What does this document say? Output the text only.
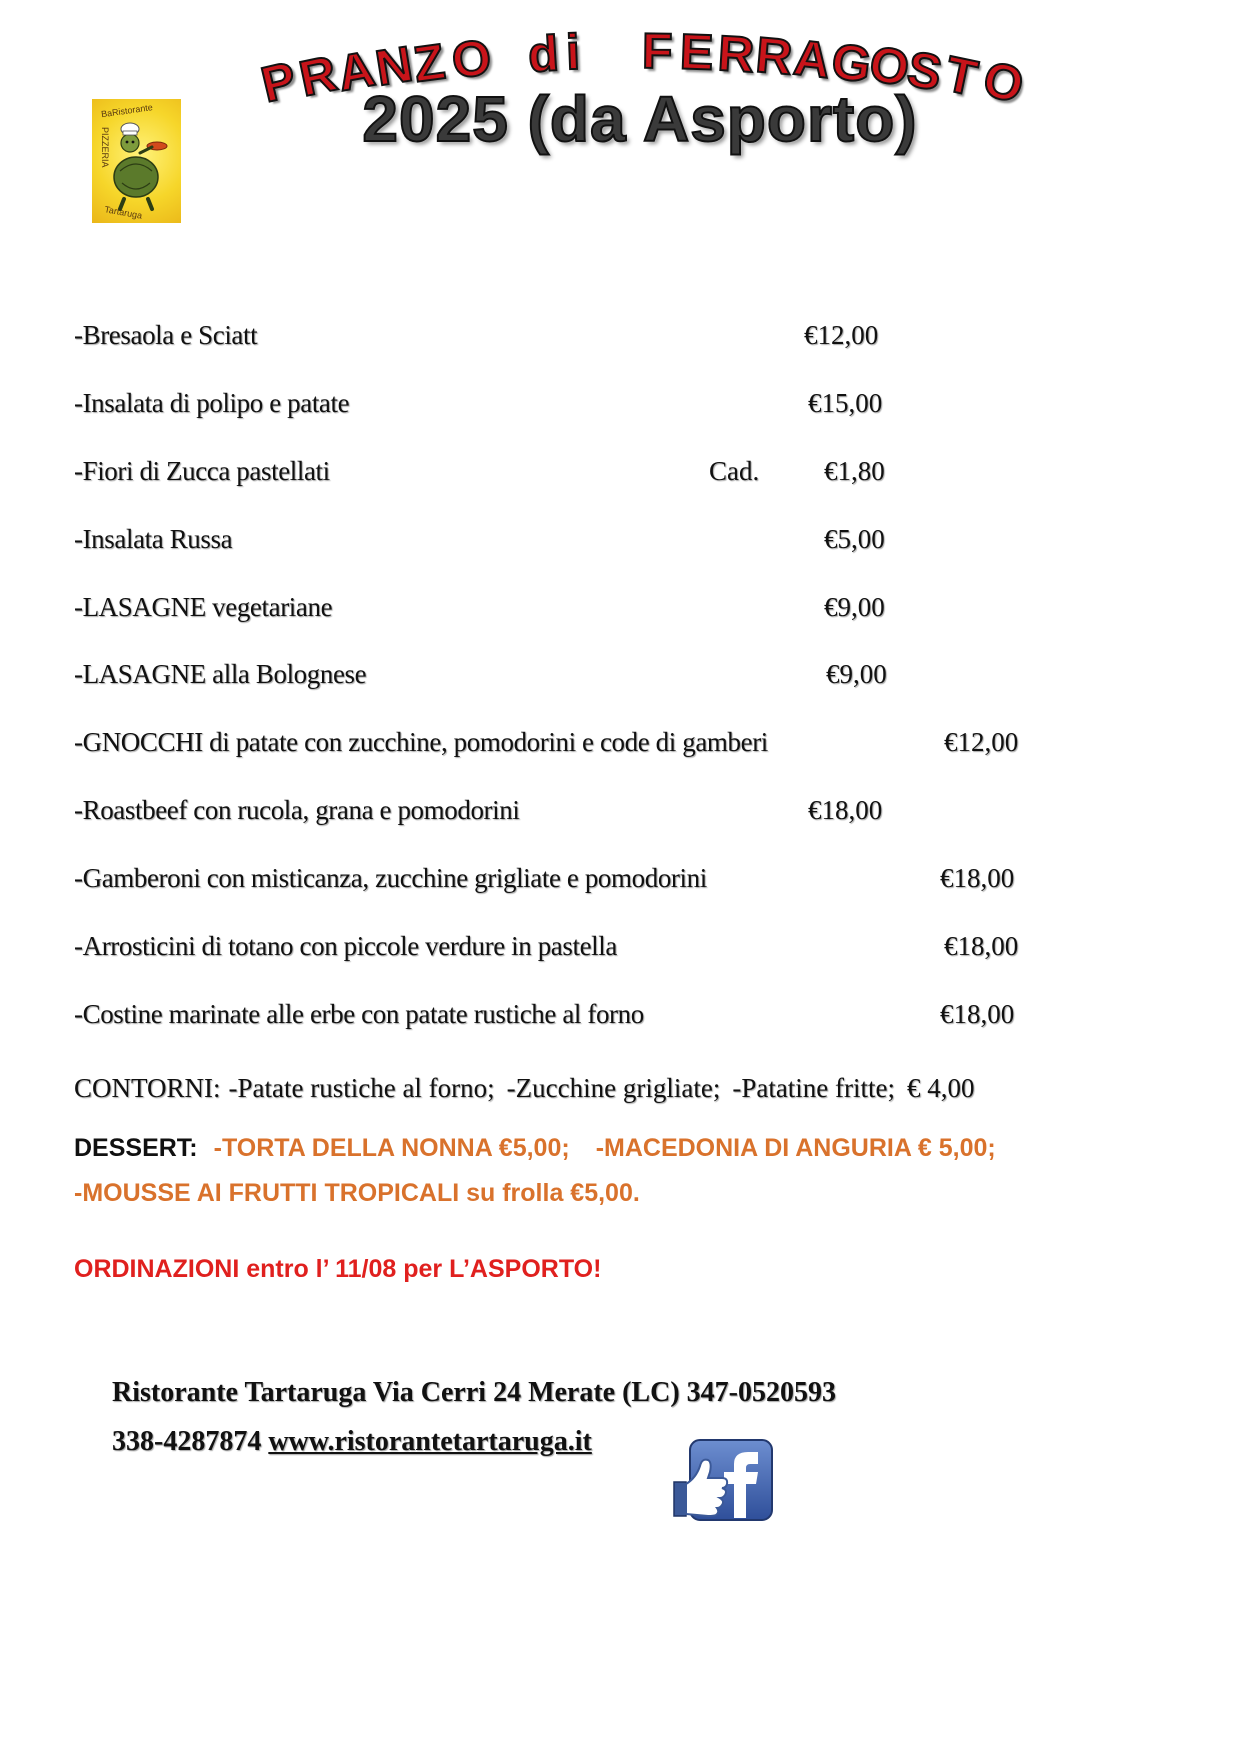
P
R
A
N
Z O d i F E R
R
A
G
O
S
T
O
2025 (da Asporto)
BaRistorante
PIZZERIA
Tartaruga
-Bresaola e Sciatt	€12,00
-Insalata di polipo e patate	€15,00
-Fiori di Zucca pastellati	Cad. €1,80
-Insalata Russa	€5,00
-LASAGNE vegetariane	€9,00
-LASAGNE alla Bolognese	€9,00
-GNOCCHI di patate con zucchine, pomodorini e code di gamberi	€12,00
-Roastbeef con rucola, grana e pomodorini	€18,00
-Gamberoni con misticanza, zucchine grigliate e pomodorini	€18,00
-Arrosticini di totano con piccole verdure in pastella	€18,00
-Costine marinate alle erbe con patate rustiche al forno	€18,00
CONTORNI: -Patate rustiche al forno; -Zucchine grigliate; -Patatine fritte; € 4,00
DESSERT: -TORTA DELLA NONNA €5,00; -MACEDONIA DI ANGURIA € 5,00;
-MOUSSE AI FRUTTI TROPICALI su frolla €5,00.
ORDINAZIONI entro l’ 11/08 per L’ASPORTO!
Ristorante Tartaruga Via Cerri 24 Merate (LC) 347-0520593
338-4287874 www.ristorantetartaruga.it
